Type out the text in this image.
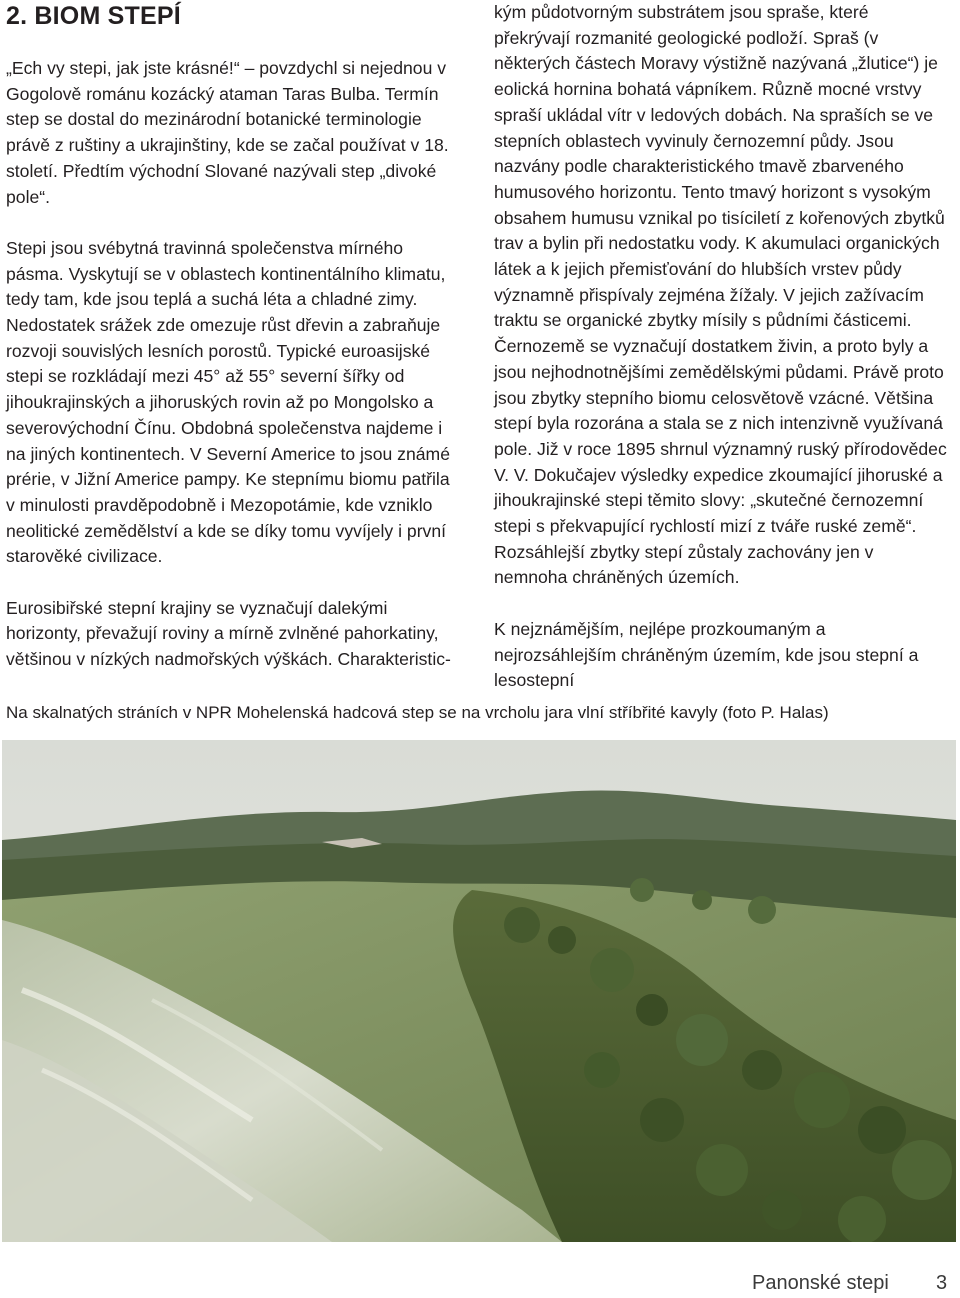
2. BIOM STEPÍ

„Ech vy stepi, jak jste krásné!“ – povzdychl si nejednou v Gogolově románu kozácký ataman Taras Bulba. Termín step se dostal do mezinárodní botanické terminologie právě z ruštiny a ukrajinštiny, kde se začal používat v 18. století. Předtím východní Slované nazývali step „divoké pole“.

Stepi jsou svébytná travinná společenstva mírného pásma. Vyskytují se v oblastech kontinentálního klimatu, tedy tam, kde jsou teplá a suchá léta a chladné zimy. Nedostatek srážek zde omezuje růst dřevin a zabraňuje rozvoji souvislých lesních porostů. Typické euroasijské stepi se rozkládají mezi 45° až 55° severní šířky od jihoukrajinských a jihoruských rovin až po Mongolsko a severovýchodní Čínu. Obdobná společenstva najdeme i na jiných kontinentech. V Severní Americe to jsou známé prérie, v Jižní Americe pampy. Ke stepnímu biomu patřila v minulosti pravděpodobně i Mezopotámie, kde vzniklo neolitické zemědělství a kde se díky tomu vyvíjely i první starověké civilizace.

Eurosibiřské stepní krajiny se vyznačují dalekými horizonty, převažují roviny a mírně zvlněné pahorkatiny, většinou v nízkých nadmořských výškách. Charakteristic-

kým půdotvorným substrátem jsou spraše, které překrývají rozmanité geologické podloží. Spraš (v některých částech Moravy výstižně nazývaná „žlutice“) je eolická hornina bohatá vápníkem. Různě mocné vrstvy spraší ukládal vítr v ledových dobách. Na spraších se ve stepních oblastech vyvinuly černozemní půdy. Jsou nazvány podle charakteristického tmavě zbarveného humusového horizontu. Tento tmavý horizont s vysokým obsahem humusu vznikal po tisíciletí z kořenových zbytků trav a bylin při nedostatku vody. K akumulaci organických látek a k jejich přemisťování do hlubších vrstev půdy významně přispívaly zejména žížaly. V jejich zažívacím traktu se organické zbytky mísily s půdními částicemi. Černozemě se vyznačují dostatkem živin, a proto byly a jsou nejhodnotnějšími zemědělskými půdami. Právě proto jsou zbytky stepního biomu celosvětově vzácné. Většina stepí byla rozorána a stala se z nich intenzivně využívaná pole. Již v roce 1895 shrnul významný ruský přírodovědec V. V. Dokučajev výsledky expedice zkoumající jihoruské a jihoukrajinské stepi těmito slovy: „skutečné černozemní stepi s překvapující rychlostí mizí z tváře ruské země“. Rozsáhlejší zbytky stepí zůstaly zachovány jen v nemnoha chráněných územích.

K nejznámějším, nejlépe prozkoumaným a nejrozsáhlejším chráněným územím, kde jsou stepní a lesostepní

Na skalnatých stráních v NPR Mohelenská hadcová step se na vrcholu jara vlní stříbřité kavyly (foto P. Halas)

Panonské stepi 3
